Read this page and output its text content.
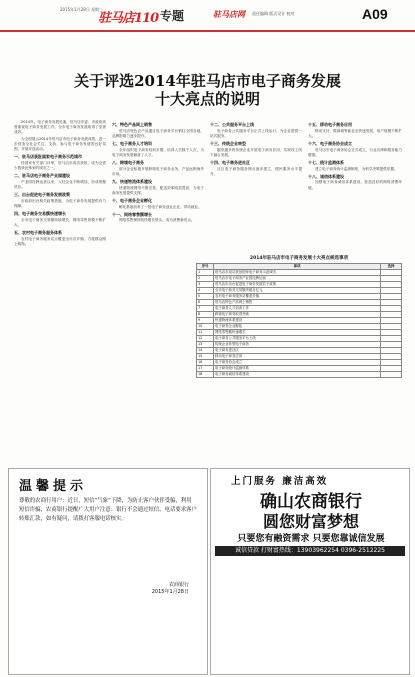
2015年1月28日 星期三
驻马店110 专题	驻马店网 责任编辑 版式设计 校对	A09
关于评选2014年驻马店市电子商务发展
十大亮点的说明

2014年，电子商务发展迅速，驻马店市委、市政府高度重视电子商务发展工作，全市电子商务发展取得了显著成效。

为全面展示2014年驻马店市电子商务发展成果，进一步营造全社会关注、支持、参与电子商务发展的良好氛围，开展评选活动。

一、驻马店获批国家电子商务示范城市

经国家有关部门评审，驻马店市成功获批，成为全省少数获此殊荣的城市之一。

二、驻马店电子商务产业园建设

产业园挂牌运营以来，入驻企业不断增加，形成集聚效应。

三、出台促进电子商务发展政策

市政府出台相关政策措施，为电子商务发展提供有力保障。

四、电子商务交易额快速增长

全市电子商务交易额持续增长，网络零售规模不断扩大。

五、农村电子商务服务体系

农村电子商务服务站点覆盖全市各乡镇，方便群众网上购物。

六、特色产品网上销售

驻马店特色农产品通过电子商务平台销往全国各地，品牌影响力逐步提升。

七、电子商务人才培训

全年组织电子商务培训多期，培训人员数千人次，为电子商务发展储备了人才。

八、跨境电子商务

部分企业积极开展跨境电子商务业务，产品远销海外市场。

九、快递物流体系建设

快递物流网络不断完善，配送效率明显提高，为电子商务发展提供支撑。

十、电子商务企业孵化

孵化基地培育了一批电子商务创业企业，带动就业。

十一、网络零售额增长

网络零售保持较快增长势头，成为消费新亮点。

十二、公共服务平台上线

电子商务公共服务平台正式上线运行，为企业提供一站式服务。

十三、传统企业转型

越来越多的传统企业开展电子商务应用，实现线上线下融合发展。

十四、电子商务进社区

社区电子商务服务网点逐步建立，便民服务水平提升。

十五、移动电子商务应用

移动支付、微商城等新业态快速发展，用户规模不断扩大。

十六、电子商务协会成立

驻马店市电子商务协会正式成立，行业自律和服务能力增强。

十七、统计监测体系

建立电子商务统计监测制度，为科学决策提供依据。

十八、诚信体系建设

加强电子商务诚信体系建设，营造良好的网络消费环境。

2014年驻马店市电子商务发展十大亮点候选事项
序号	事项	选择
1	驻马店市成功获批国家电子商务示范城市	
2	驻马店市电子商务产业园挂牌运营	
3	驻马店市出台促进电子商务发展若干政策	
4	全市电子商务交易额突破百亿元	
5	农村电子商务服务站覆盖乡镇	
6	驻马店特色产品网上销售	
7	电子商务人才培训工作	
8	跨境电子商务取得突破	
9	快递物流体系建设	
10	电子商务企业孵化	
11	网络零售额快速增长	
12	电子商务公共服务平台上线	
13	传统企业转型电子商务	
14	电子商务进社区	
15	移动电子商务应用	
16	电子商务协会成立	
17	电子商务统计监测体系	
18	电子商务诚信体系建设	
温馨提示
尊敬的农商行用户：近日，短信“气象”下降，为防止客户伙伴受骗，利用短信诈骗，农商银行提醒广大用户注意：银行不会通过短信、电话要求客户转账汇款，如有疑问，请拨打客服电话核实。
农商银行
2015年1月28日
上门服务 廉洁高效
确山农商银行
圆您财富梦想
只要您有融资需求 只要您靠诚信发展
诚信贷款 打财富热线：13903962254 0396-2512225
